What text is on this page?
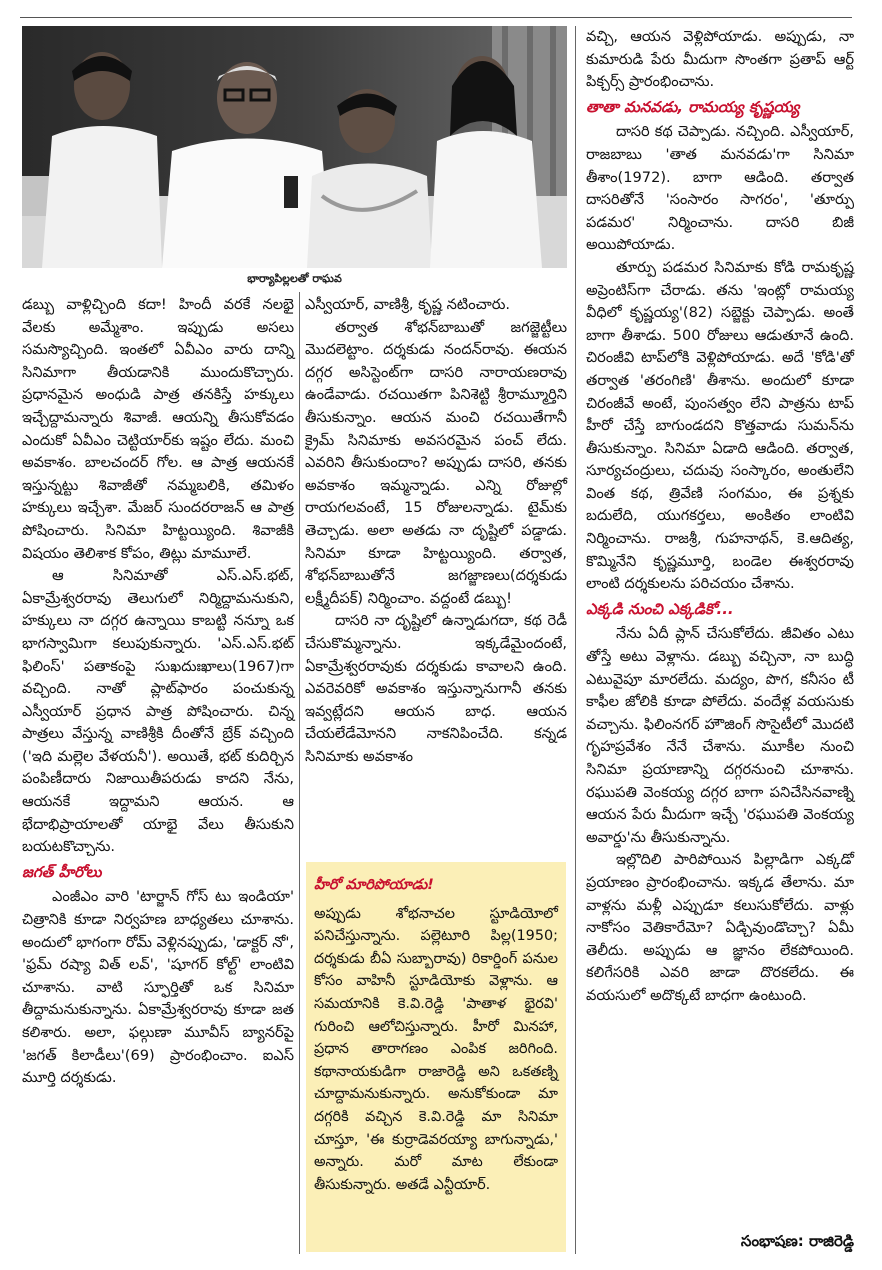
భార్యాపిల్లలతో రాఘవ

డబ్బు వాళ్లిచ్చింది కదా! హిందీ వరకే నలభై వేలకు అమ్మేశాం. ఇప్పుడు అసలు సమస్యొచ్చింది. ఇంతలో ఏవీఎం వారు దాన్ని సినిమాగా తీయడానికి ముందుకొచ్చారు. ప్రధానమైన అంధుడి పాత్ర తనకిస్తే హక్కులు ఇచ్చేద్దామన్నారు శివాజీ. ఆయన్ని తీసుకోవడం ఎందుకో ఏవీఎం చెట్టియార్‌కు ఇష్టం లేదు. మంచి అవకాశం. బాలచందర్ గోల. ఆ పాత్ర ఆయనకే ఇస్తున్నట్టు శివాజీతో నమ్మబలికి, తమిళం హక్కులు ఇచ్చేశా. మేజర్ సుందరరాజన్ ఆ పాత్ర పోషించారు. సినిమా హిట్టయ్యింది. శివాజీకి విషయం తెలిశాక కోపం, తిట్లు మామూలే.

ఆ సినిమాతో ఎస్.ఎస్.భట్, ఏకామ్రేశ్వరరావు తెలుగులో నిర్మిద్దామనుకుని, హక్కులు నా దగ్గర ఉన్నాయి కాబట్టి నన్నూ ఒక భాగస్వామిగా కలుపుకున్నారు. 'ఎస్.ఎస్.భట్ ఫిలింస్' పతాకంపై సుఖదుఃఖాలు(1967)గా వచ్చింది. నాతో ప్లాట్‌ఫారం పంచుకున్న ఎస్వీయార్ ప్రధాన పాత్ర పోషించారు. చిన్న పాత్రలు వేస్తున్న వాణిశ్రీకి దీంతోనే బ్రేక్ వచ్చింది ('ఇది మల్లెల వేళయనీ'). అయితే, భట్ కుదిర్చిన పంపిణీదారు నిజాయితీపరుడు కాదని నేను, ఆయనకే ఇద్దామని ఆయన. ఆ భేదాభిప్రాయాలతో యాభై వేలు తీసుకుని బయటకొచ్చాను.

జగత్ హీరోలు

ఎంజీఎం వారి 'టార్జాన్ గోస్ టు ఇండియా' చిత్రానికి కూడా నిర్వహణ బాధ్యతలు చూశాను. అందులో భాగంగా రోమ్ వెళ్లినప్పుడు, 'డాక్టర్ నో', 'ఫ్రమ్ రష్యా విత్ లవ్', 'షూగర్ కోల్ట్' లాంటివి చూశాను. వాటి స్ఫూర్తితో ఒక సినిమా తీద్దామనుకున్నాను. ఏకామ్రేశ్వరరావు కూడా జత కలిశారు. అలా, ఫల్గుణా మూవీస్ బ్యానర్‌పై 'జగత్ కిలాడీలు'(69) ప్రారంభించాం. ఐఎస్ మూర్తి దర్శకుడు.

ఎస్వీయార్, వాణిశ్రీ, కృష్ణ నటించారు.

తర్వాత శోభన్‌బాబుతో జగజ్జెట్టీలు మొదలెట్టాం. దర్శకుడు నందన్‌రావు. ఈయన దగ్గర అసిస్టెంట్‌గా దాసరి నారాయణరావు ఉండేవాడు. రచయితగా పినిశెట్టి శ్రీరామ్మూర్తిని తీసుకున్నాం. ఆయన మంచి రచయితేగానీ క్రైమ్ సినిమాకు అవసరమైన పంచ్ లేదు. ఎవరిని తీసుకుందాం? అప్పుడు దాసరి, తనకు అవకాశం ఇమ్మన్నాడు. ఎన్ని రోజుల్లో రాయగలవంటే, 15 రోజులన్నాడు. టైమ్‌కు తెచ్చాడు. అలా అతడు నా దృష్టిలో పడ్డాడు. సినిమా కూడా హిట్టయ్యింది. తర్వాత, శోభన్‌బాబుతోనే జగజ్జాణలు(దర్శకుడు లక్ష్మీదీపక్) నిర్మించాం. వద్దంటే డబ్బు!

దాసరి నా దృష్టిలో ఉన్నాడుగదా, కథ రెడీ చేసుకొమ్మన్నాను. ఇక్కడేమైందంటే, ఏకామ్రేశ్వరరావుకు దర్శకుడు కావాలని ఉంది. ఎవరెవరికో అవకాశం ఇస్తున్నానుగానీ తనకు ఇవ్వట్లేదని ఆయన బాధ. ఆయన చేయలేడేమోనని నాకనిపించేది. కన్నడ సినిమాకు అవకాశం

హీరో మారిపోయాడు!

అప్పుడు శోభనాచల స్టూడియోలో పనిచేస్తున్నాను. పల్లెటూరి పిల్ల(1950; దర్శకుడు బీఏ సుబ్బారావు) రికార్డింగ్ పనుల కోసం వాహినీ స్టూడియోకు వెళ్లాను. ఆ సమయానికి కె.వి.రెడ్డి 'పాతాళ భైరవి' గురించి ఆలోచిస్తున్నారు. హీరో మినహా, ప్రధాన తారాగణం ఎంపిక జరిగింది. కథానాయకుడిగా రాజారెడ్డి అని ఒకతణ్ని చూద్దామనుకున్నారు. అనుకోకుండా మా దగ్గరికి వచ్చిన కె.వి.రెడ్డి మా సినిమా చూస్తూ, 'ఈ కుర్రాడెవరయ్యా బాగున్నాడు,' అన్నారు. మరో మాట లేకుండా తీసుకున్నారు. అతడే ఎన్టీయార్.

వచ్చి, ఆయన వెళ్లిపోయాడు. అప్పుడు, నా కుమారుడి పేరు మీదుగా సొంతగా ప్రతాప్ ఆర్ట్ పిక్చర్స్ ప్రారంభించాను.

తాతా మనవడు, రామయ్య కృష్ణయ్య

దాసరి కథ చెప్పాడు. నచ్చింది. ఎస్వీయార్, రాజబాబు 'తాత మనవడు'గా సినిమా తీశాం(1972). బాగా ఆడింది. తర్వాత దాసరితోనే 'సంసారం సాగరం', 'తూర్పు పడమర' నిర్మించాను. దాసరి బిజీ అయిపోయాడు.

తూర్పు పడమర సినిమాకు కోడి రామకృష్ణ అప్రెంటిస్‌గా చేరాడు. తను 'ఇంట్లో రామయ్య వీధిలో కృష్ణయ్య'(82) సబ్జెక్టు చెప్పాడు. అంతే బాగా తీశాడు. 500 రోజులు ఆడుతూనే ఉంది. చిరంజీవి టాప్‌లోకి వెళ్లిపోయాడు. అదే 'కోడి'తో తర్వాత 'తరంగిణి' తీశాను. అందులో కూడా చిరంజీవే అంటే, పుంసత్వం లేని పాత్రను టాప్ హీరో చేస్తే బాగుండదని కొత్తవాడు సుమన్‌ను తీసుకున్నాం. సినిమా ఏడాది ఆడింది. తర్వాత, సూర్యచంద్రులు, చదువు సంస్కారం, అంతులేని వింత కథ, త్రివేణి సంగమం, ఈ ప్రశ్నకు బదులేది, యుగకర్తలు, అంకితం లాంటివి నిర్మించాను. రాజశ్రీ, గుహనాథన్, కె.ఆదిత్య, కొమ్మినేని కృష్ణమూర్తి, బండెల ఈశ్వరరావు లాంటి దర్శకులను పరిచయం చేశాను.

ఎక్కడి నుంచి ఎక్కడికో...

నేను ఏదీ ప్లాన్ చేసుకోలేదు. జీవితం ఎటు తోస్తే అటు వెళ్లాను. డబ్బు వచ్చినా, నా బుద్ధి ఎటువైపూ మారలేదు. మద్యం, పొగ, కనీసం టీ కాఫీల జోలికి కూడా పోలేదు. వందేళ్ల వయసుకు వచ్చాను. ఫిలింనగర్ హౌజింగ్ సొసైటీలో మొదటి గృహప్రవేశం నేనే చేశాను. మూకీల నుంచి సినిమా ప్రయాణాన్ని దగ్గరనుంచి చూశాను. రఘుపతి వెంకయ్య దగ్గర బాగా పనిచేసినవాణ్ని ఆయన పేరు మీదుగా ఇచ్చే 'రఘుపతి వెంకయ్య అవార్డు'ను తీసుకున్నాను.

ఇల్లొదిలి పారిపోయిన పిల్లాడిగా ఎక్కడో ప్రయాణం ప్రారంభించాను. ఇక్కడ తేలాను. మా వాళ్లను మళ్లీ ఎప్పుడూ కలుసుకోలేదు. వాళ్లు నాకోసం వెతికారేమో? ఏడ్చివుండొచ్చా? ఏమీ తెలీదు. అప్పుడు ఆ జ్ఞానం లేకపోయింది. కలిగేసరికి ఎవరి జాడా దొరకలేదు. ఈ వయసులో అదొక్కటే బాధగా ఉంటుంది.

సంభాషణ: రాజిరెడ్డి
